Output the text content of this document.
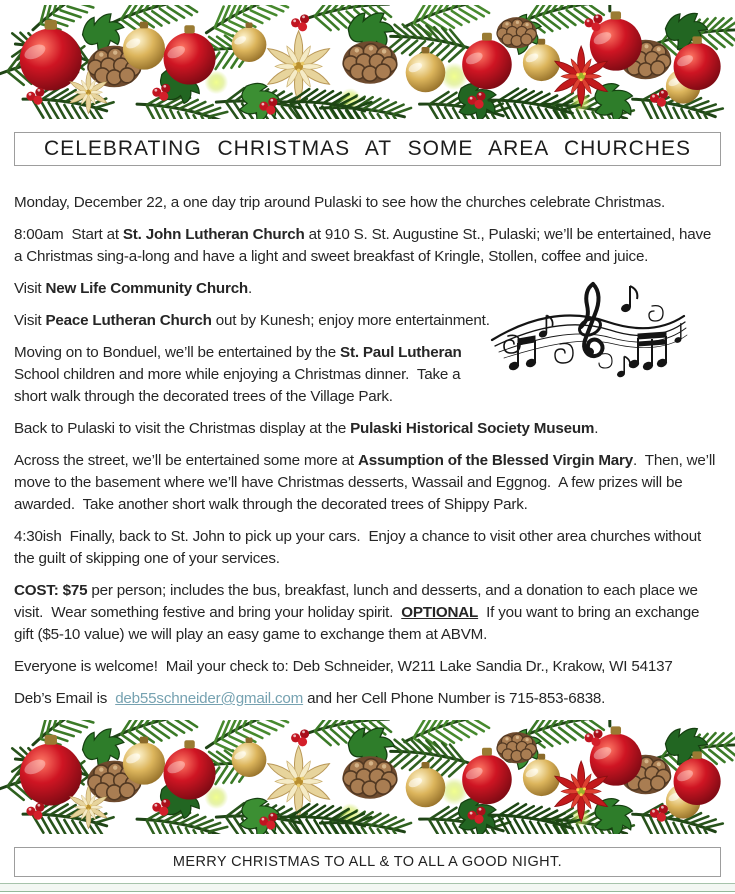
CELEBRATING CHRISTMAS AT SOME AREA CHURCHES

Monday, December 22, a one day trip around Pulaski to see how the churches celebrate Christmas.

8:00am  Start at St. John Lutheran Church at 910 S. St. Augustine St., Pulaski; we’ll be entertained, have a Christmas sing-a-long and have a light and sweet breakfast of Kringle, Stollen, coffee and juice.

Visit New Life Community Church.

Visit Peace Lutheran Church out by Kunesh; enjoy more entertainment.

Moving on to Bonduel, we’ll be entertained by the St. Paul Lutheran School children and more while enjoying a Christmas dinner.  Take a short walk through the decorated trees of the Village Park.

Back to Pulaski to visit the Christmas display at the Pulaski Historical Society Museum.

Across the street, we’ll be entertained some more at Assumption of the Blessed Virgin Mary.  Then, we’ll move to the basement where we’ll have Christmas desserts, Wassail and Eggnog.  A few prizes will be awarded.  Take another short walk through the decorated trees of Shippy Park.

4:30ish  Finally, back to St. John to pick up your cars.  Enjoy a chance to visit other area churches without the guilt of skipping one of your services.

COST: $75 per person; includes the bus, breakfast, lunch and desserts, and a donation to each place we visit.  Wear something festive and bring your holiday spirit.  OPTIONAL  If you want to bring an exchange gift ($5-10 value) we will play an easy game to exchange them at ABVM.

Everyone is welcome!  Mail your check to: Deb Schneider, W211 Lake Sandia Dr., Krakow, WI 54137

Deb’s Email is  deb55schneider@gmail.com and her Cell Phone Number is 715-853-6838.

MERRY CHRISTMAS TO ALL & TO ALL A GOOD NIGHT.
